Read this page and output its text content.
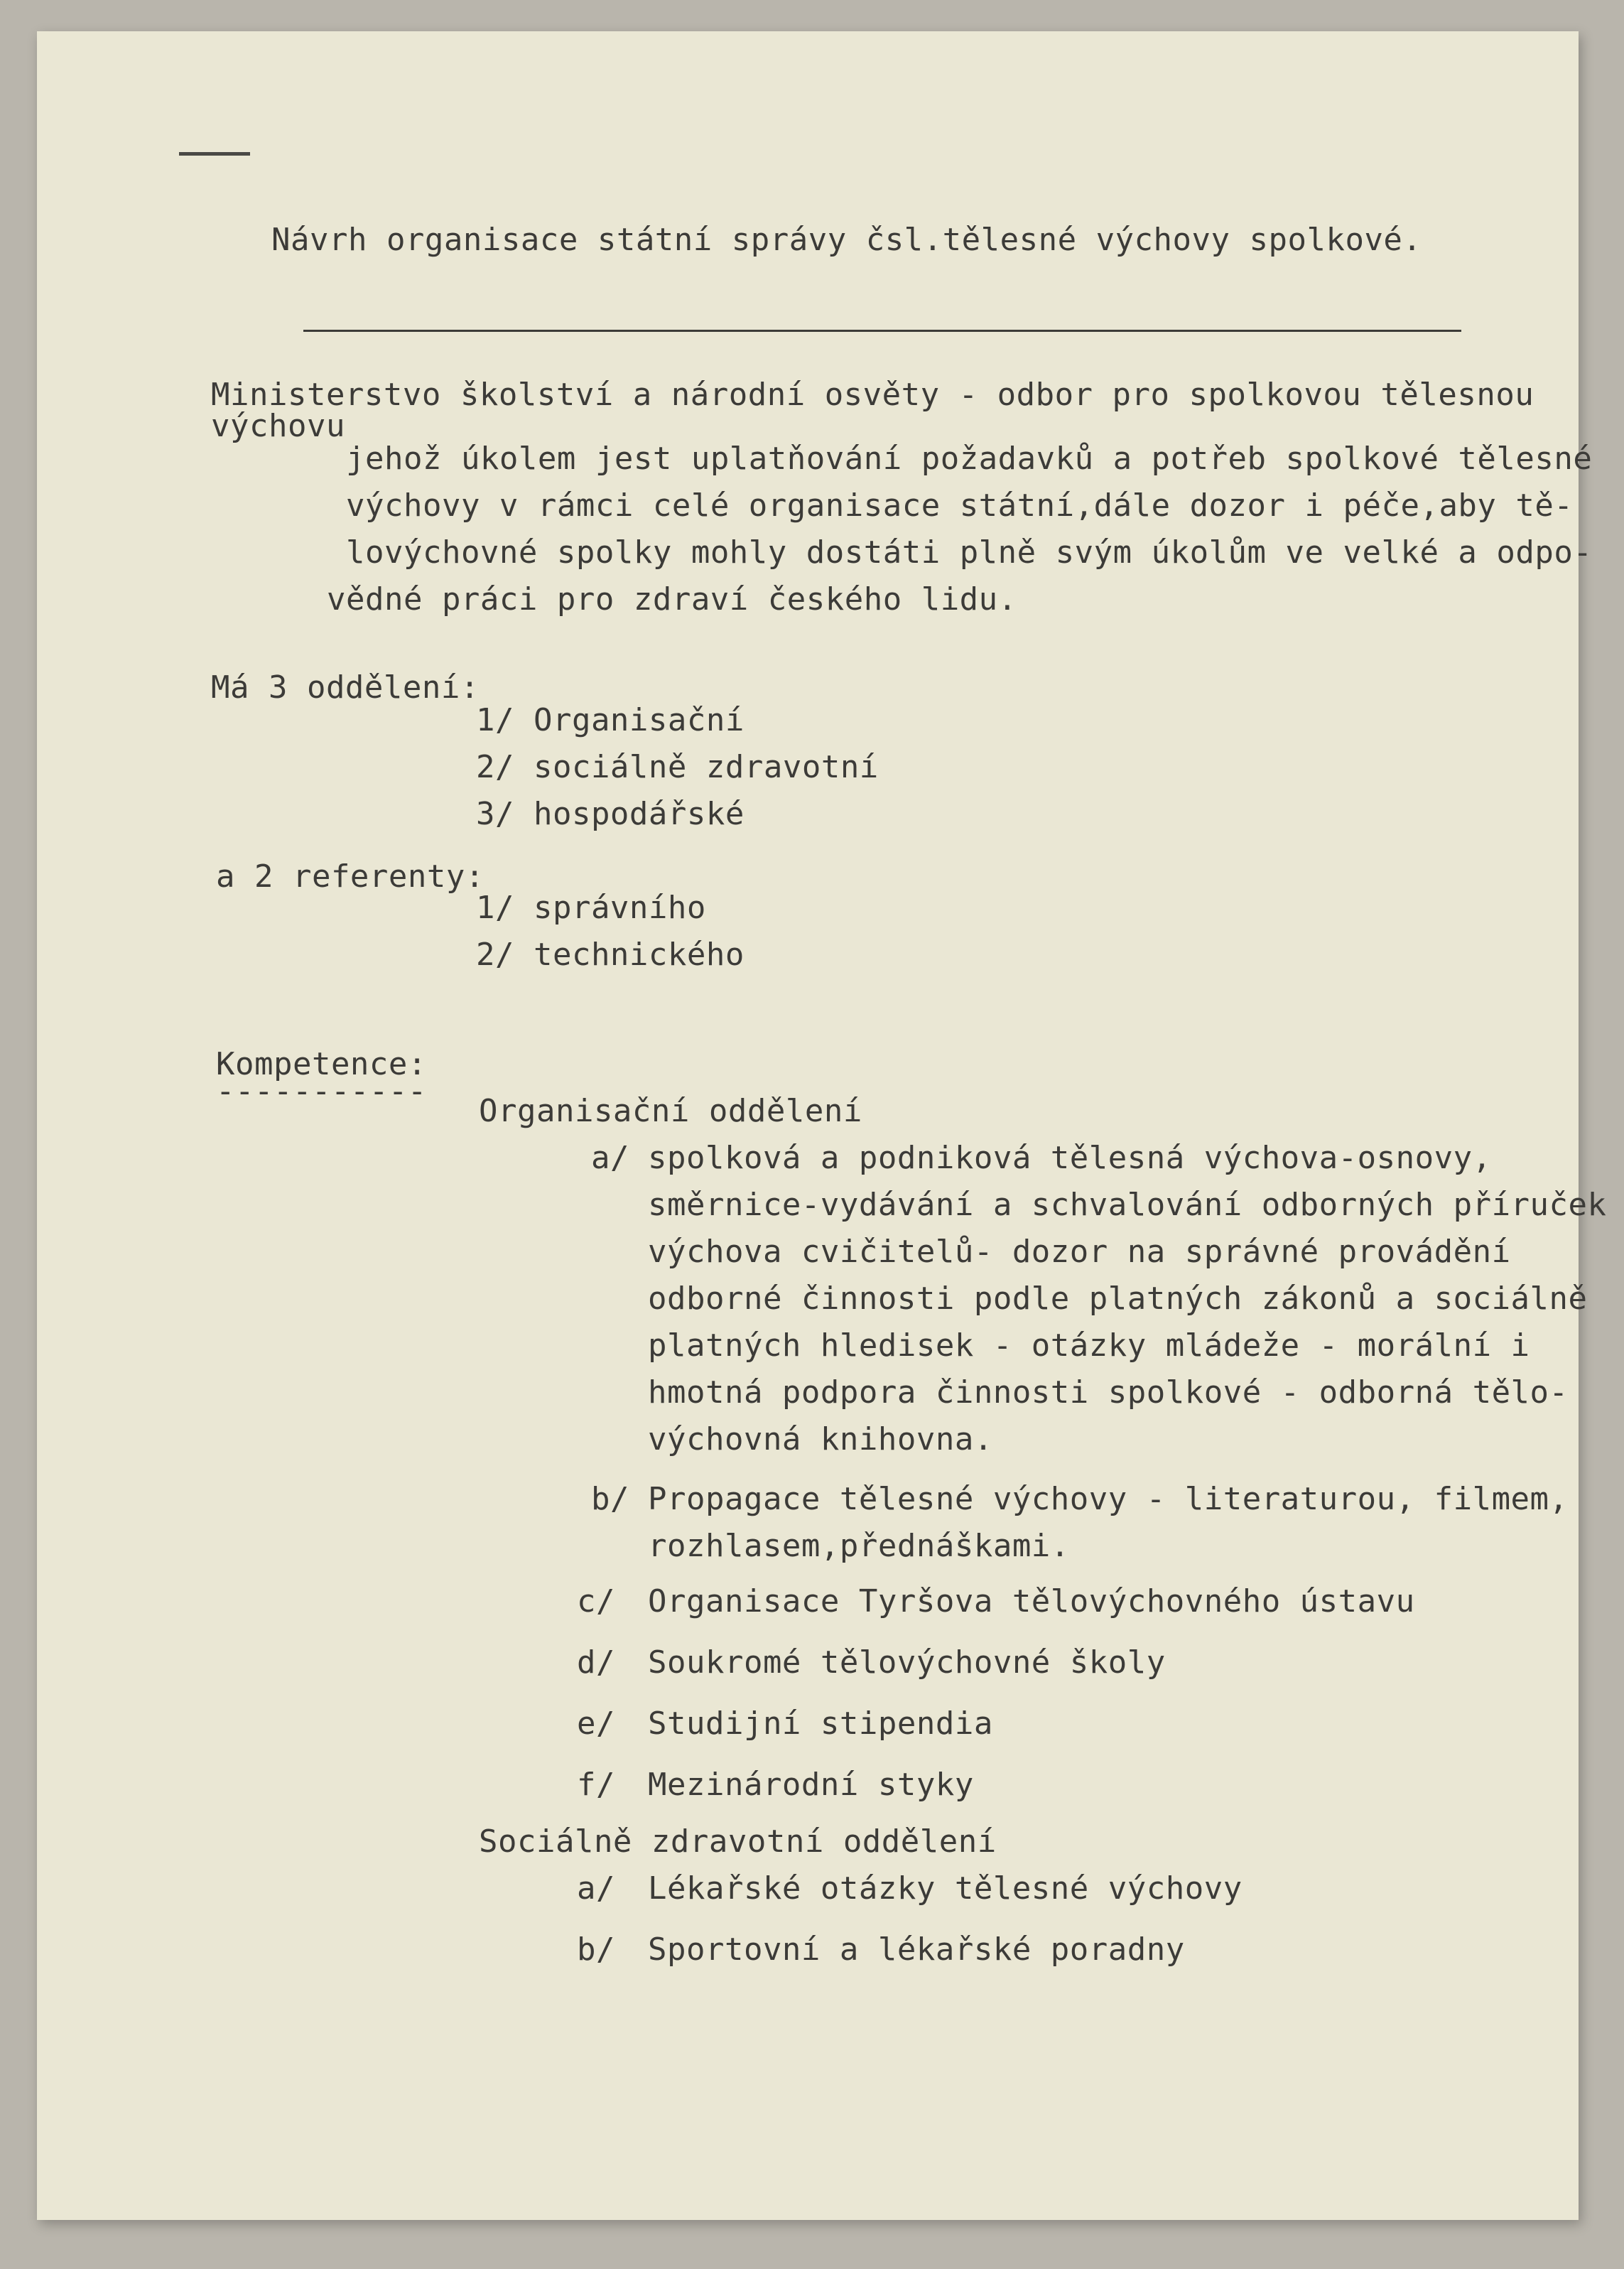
Návrh organisace státní správy čsl.tělesné výchovy spolkové.
Ministerstvo školství a národní osvěty - odbor pro spolkovou tělesnou
výchovu
jehož úkolem jest uplatňování požadavků a potřeb spolkové tělesné
výchovy v rámci celé organisace státní,dále dozor i péče,aby tě-
lovýchovné spolky mohly dostáti plně svým úkolům ve velké a odpo-
vědné práci pro zdraví českého lidu.
Má 3 oddělení:
1/ Organisační
2/ sociálně zdravotní
3/ hospodářské
a 2 referenty:
1/ správního
2/ technického
Kompetence:
-----------
Organisační oddělení
a/ spolková a podniková tělesná výchova-osnovy,
směrnice-vydávání a schvalování odborných příruček
výchova cvičitelů- dozor na správné provádění
odborné činnosti podle platných zákonů a sociálně
platných hledisek - otázky mládeže - morální i
hmotná podpora činnosti spolkové - odborná tělo-
výchovná knihovna.
b/ Propagace tělesné výchovy - literaturou, filmem,
rozhlasem,přednáškami.
c/ Organisace Tyršova tělovýchovného ústavu
d/ Soukromé tělovýchovné školy
e/ Studijní stipendia
f/ Mezinárodní styky
Sociálně zdravotní oddělení
a/ Lékařské otázky tělesné výchovy
b/ Sportovní a lékařské poradny
